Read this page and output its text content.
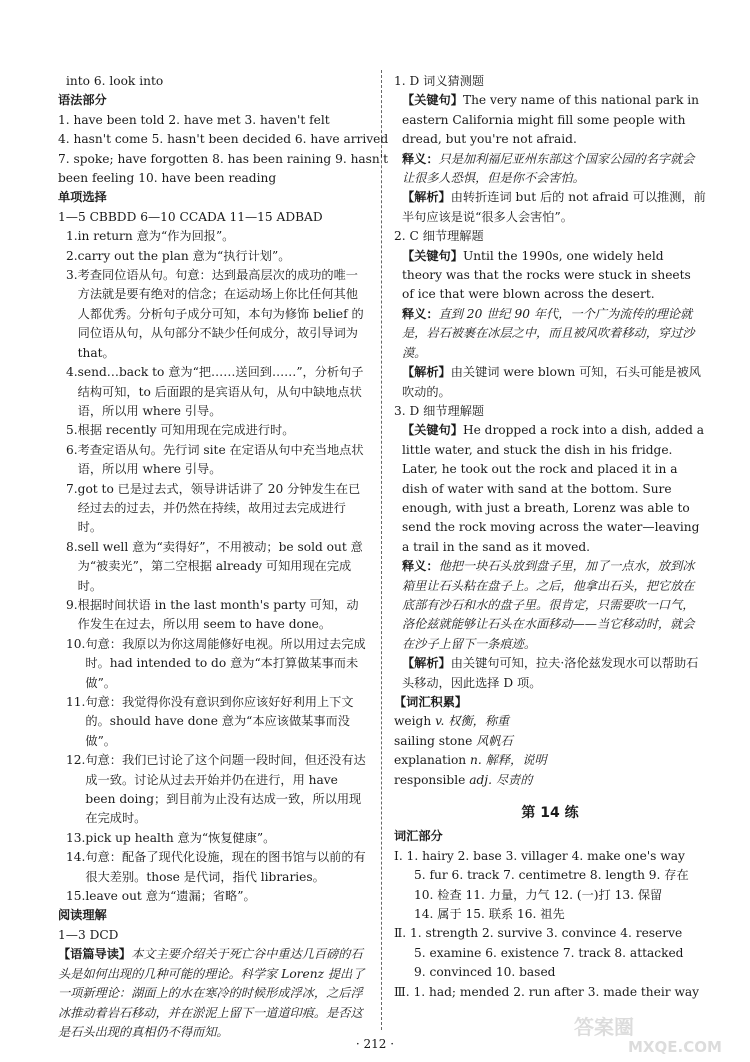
into 6. look into
语法部分
1. have been told 2. have met 3. haven't felt
4. hasn't come 5. hasn't been decided 6. have arrived
7. spoke; have forgotten 8. has been raining 9. hasn't
been feeling 10. have been reading
单项选择
1—5 CBBDD 6—10 CCADA 11—15 ADBAD
1. in return 意为“作为回报”。
2. carry out the plan 意为“执行计划”。
3. 考查同位语从句。句意：达到最高层次的成功的唯一方法就是要有绝对的信念；在运动场上你比任何其他人都优秀。分析句子成分可知，本句为修饰 belief 的同位语从句，从句部分不缺少任何成分，故引导词为 that。
4. send…back to 意为“把……送回到……”，分析句子结构可知，to 后面跟的是宾语从句，从句中缺地点状语，所以用 where 引导。
5. 根据 recently 可知用现在完成进行时。
6. 考查定语从句。先行词 site 在定语从句中充当地点状语，所以用 where 引导。
7. got to 已是过去式，领导讲话讲了 20 分钟发生在已经过去的过去，并仍然在持续，故用过去完成进行时。
8. sell well 意为“卖得好”，不用被动；be sold out 意为“被卖光”，第二空根据 already 可知用现在完成时。
9. 根据时间状语 in the last month's party 可知，动作发生在过去，所以用 seem to have done。
10. 句意：我原以为你这周能修好电视。所以用过去完成时。had intended to do 意为“本打算做某事而未做”。
11. 句意：我觉得你没有意识到你应该好好利用上下文的。should have done 意为“本应该做某事而没做”。
12. 句意：我们已讨论了这个问题一段时间，但还没有达成一致。讨论从过去开始并仍在进行，用 have been doing；到目前为止没有达成一致，所以用现在完成时。
13. pick up health 意为“恢复健康”。
14. 句意：配备了现代化设施，现在的图书馆与以前的有很大差别。those 是代词，指代 libraries。
15. leave out 意为“遗漏；省略”。
阅读理解
1—3 DCD
【语篇导读】本文主要介绍关于死亡谷中重达几百磅的石头是如何出现的几种可能的理论。科学家 Lorenz 提出了一项新理论：湖面上的水在寒冷的时候形成浮冰，之后浮冰推动着岩石移动，并在淤泥上留下一道道印痕。是否这是石头出现的真相仍不得而知。
1. D 词义猜测题
【关键句】The very name of this national park in eastern California might fill some people with dread, but you're not afraid.
释义：只是加利福尼亚州东部这个国家公园的名字就会让很多人恐惧，但是你不会害怕。
【解析】由转折连词 but 后的 not afraid 可以推测，前半句应该是说“很多人会害怕”。
2. C 细节理解题
【关键句】Until the 1990s, one widely held theory was that the rocks were stuck in sheets of ice that were blown across the desert.
释义：直到 20 世纪 90 年代，一个广为流传的理论就是，岩石被裹在冰层之中，而且被风吹着移动，穿过沙漠。
【解析】由关键词 were blown 可知，石头可能是被风吹动的。
3. D 细节理解题
【关键句】He dropped a rock into a dish, added a little water, and stuck the dish in his fridge. Later, he took out the rock and placed it in a dish of water with sand at the bottom. Sure enough, with just a breath, Lorenz was able to send the rock moving across the water—leaving a trail in the sand as it moved.
释义：他把一块石头放到盘子里，加了一点水，放到冰箱里让石头粘在盘子上。之后，他拿出石头，把它放在底部有沙石和水的盘子里。很肯定，只需要吹一口气，洛伦兹就能够让石头在水面移动——当它移动时，就会在沙子上留下一条痕迹。
【解析】由关键句可知，拉夫·洛伦兹发现水可以帮助石头移动，因此选择 D 项。
【词汇积累】
weigh v. 权衡，称重
sailing stone 风帆石
explanation n. 解释，说明
responsible adj. 尽责的
第 14 练
词汇部分
Ⅰ. 1. hairy 2. base 3. villager 4. make one's way
5. fur 6. track 7. centimetre 8. length 9. 存在
10. 检查 11. 力量，力气 12. (一)打 13. 保留
14. 属于 15. 联系 16. 祖先
Ⅱ. 1. strength 2. survive 3. convince 4. reserve
5. examine 6. existence 7. track 8. attacked
9. convinced 10. based
Ⅲ. 1. had; mended 2. run after 3. made their way
· 212 ·
答案圈
MXQE.COM
